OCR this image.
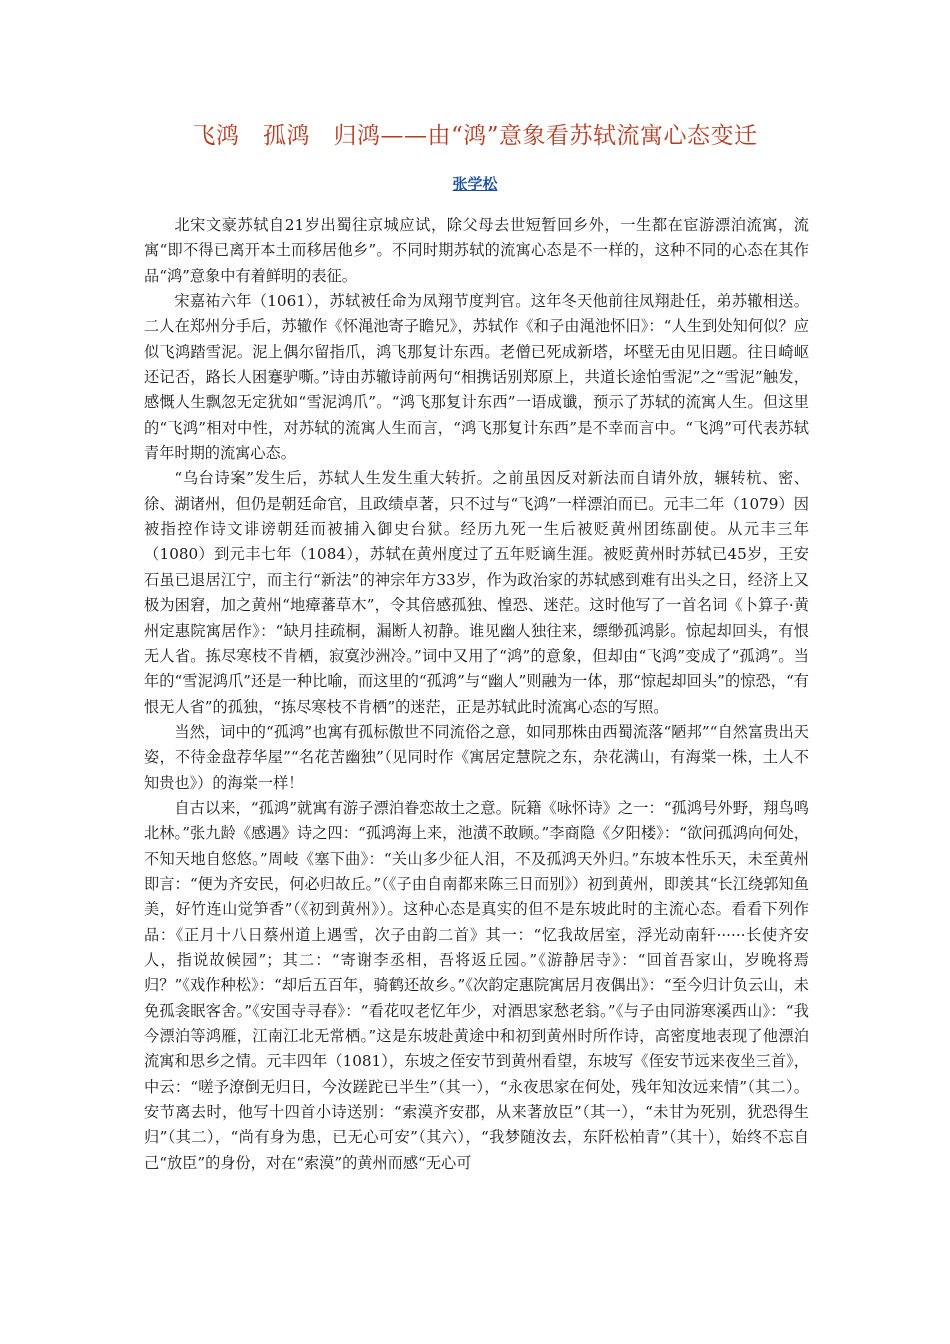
飞鸿　孤鸿　归鸿——由“鸿”意象看苏轼流寓心态变迁
张学松

北宋文豪苏轼自21岁出蜀往京城应试，除父母去世短暂回乡外，一生都在宦游漂泊流寓，流寓“即不得已离开本土而移居他乡”。不同时期苏轼的流寓心态是不一样的，这种不同的心态在其作品“鸿”意象中有着鲜明的表征。

宋嘉祐六年（1061），苏轼被任命为凤翔节度判官。这年冬天他前往凤翔赴任，弟苏辙相送。二人在郑州分手后，苏辙作《怀渑池寄子瞻兄》，苏轼作《和子由渑池怀旧》：“人生到处知何似？应似飞鸿踏雪泥。泥上偶尔留指爪，鸿飞那复计东西。老僧已死成新塔，坏壁无由见旧题。往日崎岖还记否，路长人困蹇驴嘶。”诗由苏辙诗前两句“相携话别郑原上，共道长途怕雪泥”之“雪泥”触发，感慨人生飘忽无定犹如“雪泥鸿爪”。“鸿飞那复计东西”一语成谶，预示了苏轼的流寓人生。但这里的“飞鸿”相对中性，对苏轼的流寓人生而言，“鸿飞那复计东西”是不幸而言中。“飞鸿”可代表苏轼青年时期的流寓心态。

“乌台诗案”发生后，苏轼人生发生重大转折。之前虽因反对新法而自请外放，辗转杭、密、徐、湖诸州，但仍是朝廷命官，且政绩卓著，只不过与“飞鸿”一样漂泊而已。元丰二年（1079）因被指控作诗文诽谤朝廷而被捕入御史台狱。经历九死一生后被贬黄州团练副使。从元丰三年（1080）到元丰七年（1084），苏轼在黄州度过了五年贬谪生涯。被贬黄州时苏轼已45岁，王安石虽已退居江宁，而主行“新法”的神宗年方33岁，作为政治家的苏轼感到难有出头之日，经济上又极为困窘，加之黄州“地瘴蕃草木”，令其倍感孤独、惶恐、迷茫。这时他写了一首名词《卜算子·黄州定惠院寓居作》：“缺月挂疏桐，漏断人初静。谁见幽人独往来，缥缈孤鸿影。惊起却回头，有恨无人省。拣尽寒枝不肯栖，寂寞沙洲冷。”词中又用了“鸿”的意象，但却由“飞鸿”变成了“孤鸿”。当年的“雪泥鸿爪”还是一种比喻，而这里的“孤鸿”与“幽人”则融为一体，那“惊起却回头”的惊恐，“有恨无人省”的孤独，“拣尽寒枝不肯栖”的迷茫，正是苏轼此时流寓心态的写照。

当然，词中的“孤鸿”也寓有孤标傲世不同流俗之意，如同那株由西蜀流落“陋邦”“自然富贵出天姿，不待金盘荐华屋”“名花苦幽独”（见同时作《寓居定慧院之东，杂花满山，有海棠一株，土人不知贵也》）的海棠一样！

自古以来，“孤鸿”就寓有游子漂泊眷恋故土之意。阮籍《咏怀诗》之一：“孤鸿号外野，翔鸟鸣北林。”张九龄《感遇》诗之四：“孤鸿海上来，池潢不敢顾。”李商隐《夕阳楼》：“欲问孤鸿向何处，不知天地自悠悠。”周岐《塞下曲》：“关山多少征人泪，不及孤鸿天外归。”东坡本性乐天，未至黄州即言：“便为齐安民，何必归故丘。”（《子由自南都来陈三日而别》）初到黄州，即羡其“长江绕郭知鱼美，好竹连山觉笋香”（《初到黄州》）。这种心态是真实的但不是东坡此时的主流心态。看看下列作品：《正月十八日蔡州道上遇雪，次子由韵二首》其一：“忆我故居室，浮光动南轩······长使齐安人，指说故候园”；其二：“寄谢李丞相，吾将返丘园。”《游静居寺》：“回首吾家山，岁晚将焉归？”《戏作种松》：“却后五百年，骑鹤还故乡。”《次韵定惠院寓居月夜偶出》：“至今归计负云山，未免孤衾眠客舍。”《安国寺寻春》：“看花叹老忆年少，对酒思家愁老翁。”《与子由同游寒溪西山》：“我今漂泊等鸿雁，江南江北无常栖。”这是东坡赴黄途中和初到黄州时所作诗，高密度地表现了他漂泊流寓和思乡之情。元丰四年（1081），东坡之侄安节到黄州看望，东坡写《侄安节远来夜坐三首》，中云：“嗟予潦倒无归日，今汝蹉跎已半生”（其一），“永夜思家在何处，残年知汝远来情”（其二）。安节离去时，他写十四首小诗送别：“索漠齐安郡，从来著放臣”（其一），“未甘为死别，犹恐得生归”（其二），“尚有身为患，已无心可安”（其六），“我梦随汝去，东阡松柏青”（其十），始终不忘自己“放臣”的身份，对在“索漠”的黄州而感“无心可
